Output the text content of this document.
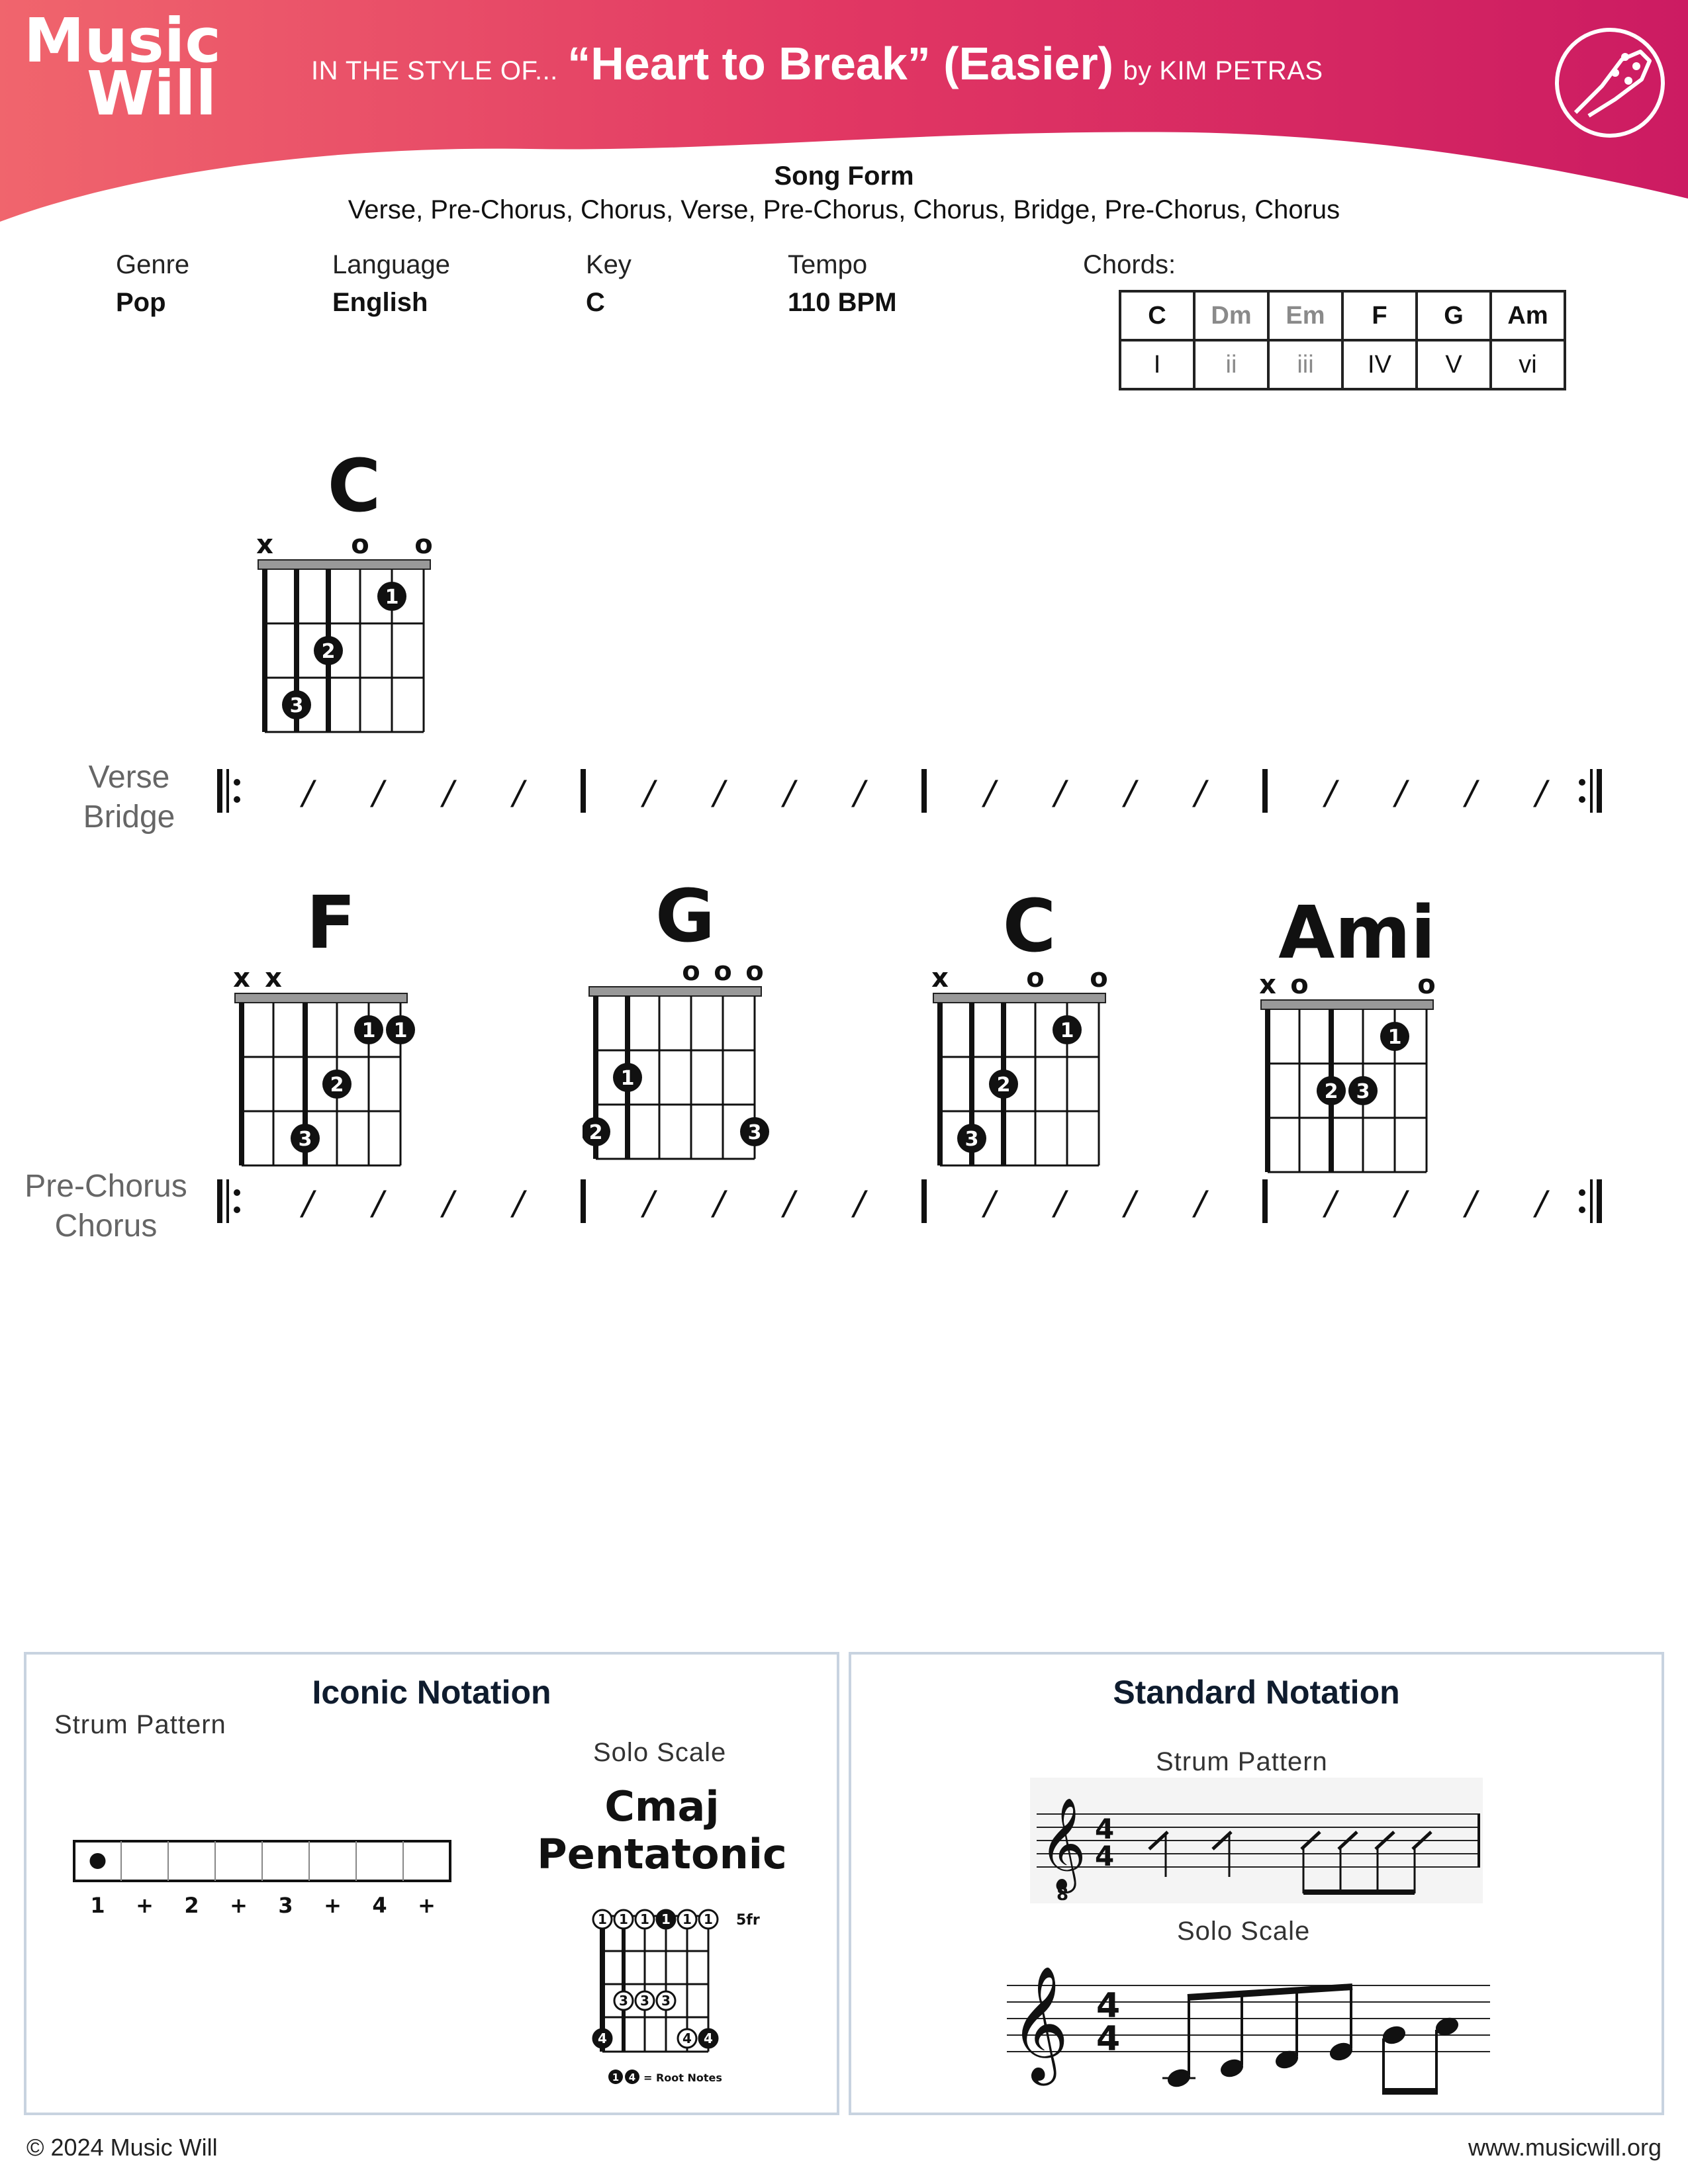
Music
Will	IN THE STYLE OF... “Heart to Break” (Easier) by KIM PETRAS
Song Form
Verse, Pre-Chorus, Chorus, Verse, Pre-Chorus, Chorus, Bridge, Pre-Chorus, Chorus
Genre
Pop
Language
English
Key
C
Tempo
110 BPM
Chords:
C	Dm	Em	F	G	Am
I	ii	iii	IV	V	vi
C
x	o o
1
2
3
Verse
Bridge
/ / / /	/ / / /	/ / / /	/ / / /
F	G	C	Ami
x x
1 1
2
3
o o o
1
2	3
x	o o
1
2
3
x o	o
1
2 3
Pre-Chorus
Chorus
/ / / /	/ / / /	/ / / /	/ / / /
Iconic Notation
Strum Pattern
1 + 2 + 3 + 4 +
Solo Scale
Cmaj
Pentatonic
1 1 1 1 1 1
3 3 3
4	4 4
5fr
1 4 = Root Notes
Standard Notation
Strum Pattern
𝄞
8
4
4
Solo Scale
𝄞 4
4
© 2024 Music Will	www.musicwill.org
